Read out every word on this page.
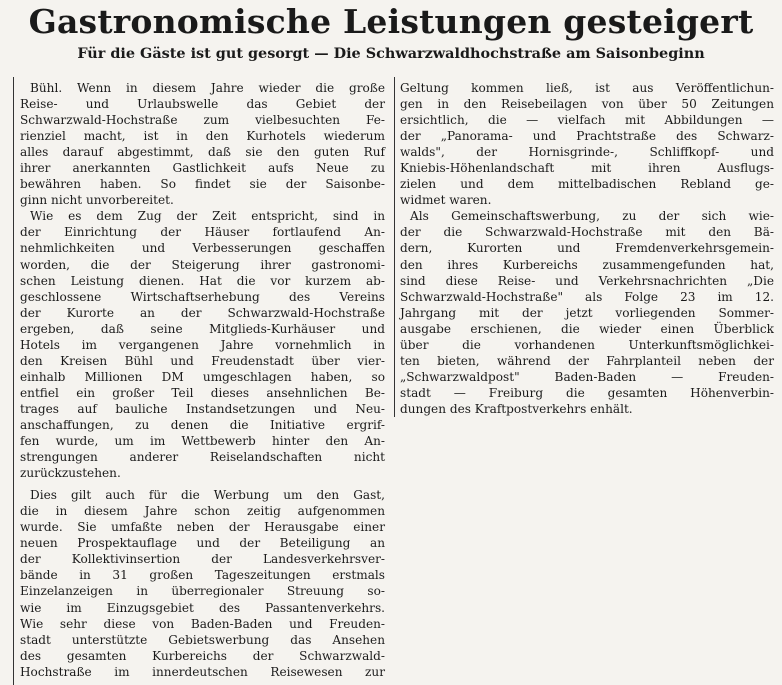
Gastronomische Leistungen gesteigert
Für die Gäste ist gut gesorgt — Die Schwarzwaldhochstraße am Saisonbeginn
Bühl. Wenn in diesem Jahre wieder die große
Reise- und Urlaubswelle das Gebiet der
Schwarzwald-Hochstraße zum vielbesuchten Fe-
rienziel macht, ist in den Kurhotels wiederum
alles darauf abgestimmt, daß sie den guten Ruf
ihrer anerkannten Gastlichkeit aufs Neue zu
bewähren haben. So findet sie der Saisonbe-
ginn nicht unvorbereitet.
Wie es dem Zug der Zeit entspricht, sind in
der Einrichtung der Häuser fortlaufend An-
nehmlichkeiten und Verbesserungen geschaffen
worden, die der Steigerung ihrer gastronomi-
schen Leistung dienen. Hat die vor kurzem ab-
geschlossene Wirtschaftserhebung des Vereins
der Kurorte an der Schwarzwald-Hochstraße
ergeben, daß seine Mitglieds-Kurhäuser und
Hotels im vergangenen Jahre vornehmlich in
den Kreisen Bühl und Freudenstadt über vier-
einhalb Millionen DM umgeschlagen haben, so
entfiel ein großer Teil dieses ansehnlichen Be-
trages auf bauliche Instandsetzungen und Neu-
anschaffungen, zu denen die Initiative ergrif-
fen wurde, um im Wettbewerb hinter den An-
strengungen anderer Reiselandschaften nicht
zurückzustehen.
Dies gilt auch für die Werbung um den Gast,
die in diesem Jahre schon zeitig aufgenommen
wurde. Sie umfaßte neben der Herausgabe einer
neuen Prospektauflage und der Beteiligung an
der Kollektivinsertion der Landesverkehrsver-
bände in 31 großen Tageszeitungen erstmals
Einzelanzeigen in überregionaler Streuung so-
wie im Einzugsgebiet des Passantenverkehrs.
Wie sehr diese von Baden-Baden und Freuden-
stadt unterstützte Gebietswerbung das Ansehen
des gesamten Kurbereichs der Schwarzwald-
Hochstraße im innerdeutschen Reisewesen zur
Geltung kommen ließ, ist aus Veröffentlichun-
gen in den Reisebeilagen von über 50 Zeitungen
ersichtlich, die — vielfach mit Abbildungen —
der „Panorama- und Prachtstraße des Schwarz-
walds", der Hornisgrinde-, Schliffkopf- und
Kniebis-Höhenlandschaft mit ihren Ausflugs-
zielen und dem mittelbadischen Rebland ge-
widmet waren.
Als Gemeinschaftswerbung, zu der sich wie-
der die Schwarzwald-Hochstraße mit den Bä-
dern, Kurorten und Fremdenverkehrsgemein-
den ihres Kurbereichs zusammengefunden hat,
sind diese Reise- und Verkehrsnachrichten „Die
Schwarzwald-Hochstraße" als Folge 23 im 12.
Jahrgang mit der jetzt vorliegenden Sommer-
ausgabe erschienen, die wieder einen Überblick
über die vorhandenen Unterkunftsmöglichkei-
ten bieten, während der Fahrplanteil neben der
„Schwarzwaldpost" Baden-Baden — Freuden-
stadt — Freiburg die gesamten Höhenverbin-
dungen des Kraftpostverkehrs enhält.
